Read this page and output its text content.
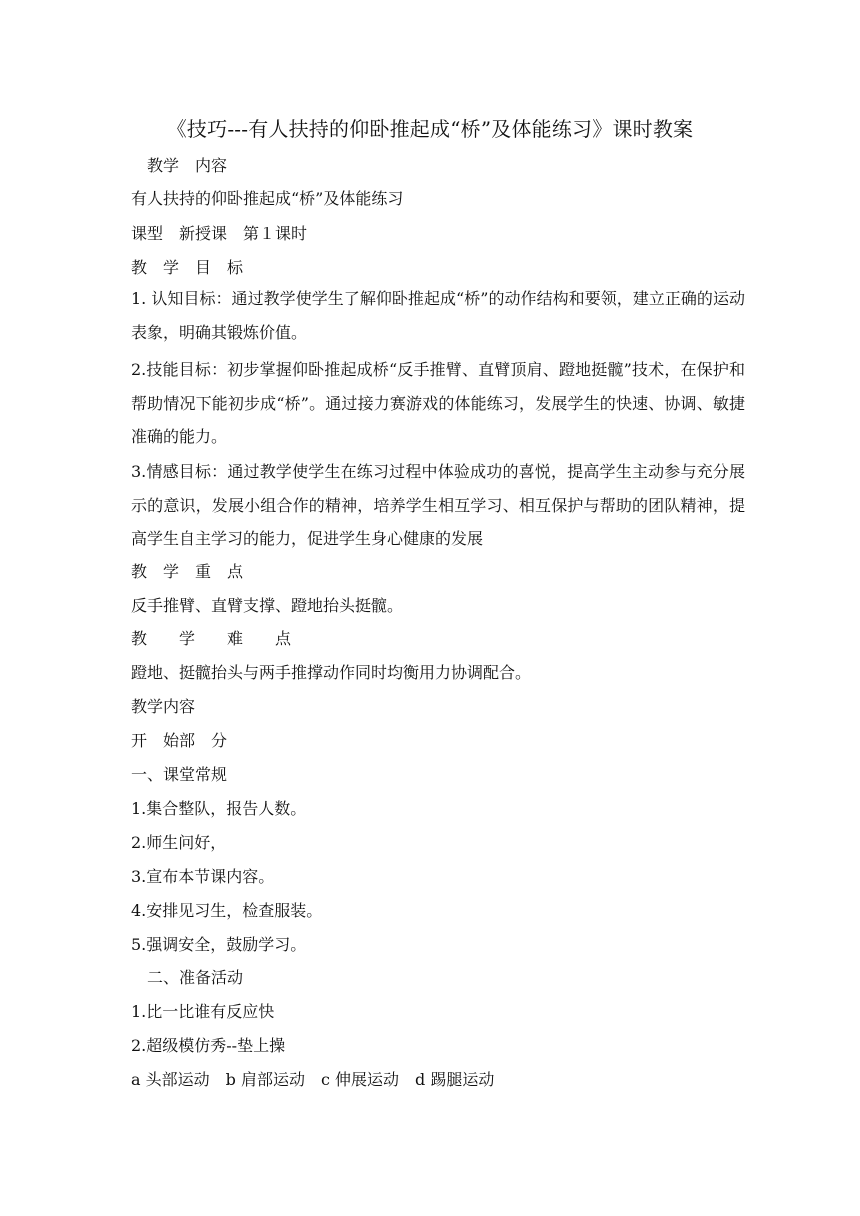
《技巧---有人扶持的仰卧推起成“桥”及体能练习》课时教案
教学　内容
有人扶持的仰卧推起成“桥”及体能练习
课型　新授课　第１课时
教　学　目　标
1. 认知目标：通过教学使学生了解仰卧推起成“桥”的动作结构和要领，建立正确的运动表象，明确其锻炼价值。
2.技能目标：初步掌握仰卧推起成桥“反手推臂、直臂顶肩、蹬地挺髋”技术，在保护和帮助情况下能初步成“桥”。通过接力赛游戏的体能练习，发展学生的快速、协调、敏捷准确的能力。
3.情感目标：通过教学使学生在练习过程中体验成功的喜悦，提高学生主动参与充分展示的意识，发展小组合作的精神，培养学生相互学习、相互保护与帮助的团队精神，提高学生自主学习的能力，促进学生身心健康的发展
教　学　重　点
反手推臂、直臂支撑、蹬地抬头挺髋。
教　　学　　难　　点
蹬地、挺髋抬头与两手推撑动作同时均衡用力协调配合。
教学内容
开　始部　分
一、课堂常规
1.集合整队，报告人数。
2.师生问好，
3.宣布本节课内容。
4.安排见习生，检查服装。
5.强调安全，鼓励学习。
二、准备活动
1.比一比谁有反应快
2.超级模仿秀--垫上操
a 头部运动　b 肩部运动　c 伸展运动　d 踢腿运动
